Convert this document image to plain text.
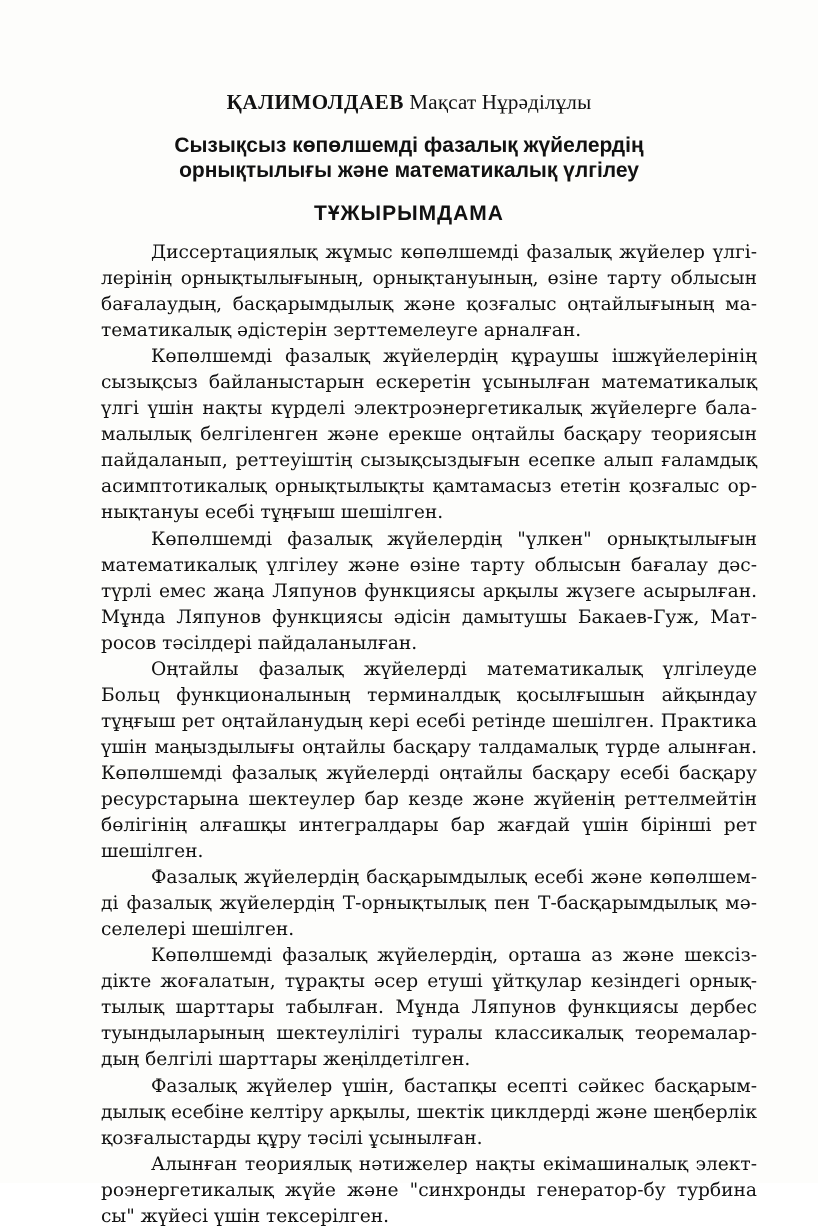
ҚАЛИМОЛДАЕВ Мақсат Нұрәділұлы
Сызықсыз көпөлшемді фазалық жүйелердің
орнықтылығы және математикалық үлгілеу
ТҰЖЫРЫМДАМА

Диссертациялық жұмыс көпөлшемді фазалық жүйелер үлгі-
лерінің орнықтылығының, орнықтануының, өзіне тарту облысын
бағалаудың, басқарымдылық және қозғалыс оңтайлығының ма-
тематикалық әдістерін зерттемелеуге арналған.

Көпөлшемді фазалық жүйелердің құраушы ішжүйелерінің
сызықсыз байланыстарын ескеретін ұсынылған математикалық
үлгі үшін нақты күрделі электроэнергетикалық жүйелерге бала-
малылық белгіленген және ерекше оңтайлы басқару теориясын
пайдаланып, реттеуіштің сызықсыздығын есепке алып ғаламдық
асимптотикалық орнықтылықты қамтамасыз ететін қозғалыс ор-
нықтануы есебі тұңғыш шешілген.

Көпөлшемді фазалық жүйелердің "үлкен" орнықтылығын
математикалық үлгілеу және өзіне тарту облысын бағалау дәс-
түрлі емес жаңа Ляпунов функциясы арқылы жүзеге асырылған.
Мұнда Ляпунов функциясы әдісін дамытушы Бакаев-Гуж, Мат-
росов тәсілдері пайдаланылған.

Оңтайлы фазалық жүйелерді математикалық үлгілеуде
Больц функционалының терминалдық қосылғышын айқындау
тұңғыш рет оңтайланудың кері есебі ретінде шешілген. Практика
үшін маңыздылығы оңтайлы басқару талдамалық түрде алынған.
Көпөлшемді фазалық жүйелерді оңтайлы басқару есебі басқару
ресурстарына шектеулер бар кезде және жүйенің реттелмейтін
бөлігінің алғашқы интегралдары бар жағдай үшін бірінші рет
шешілген.

Фазалық жүйелердің басқарымдылық есебі және көпөлшем-
ді фазалық жүйелердің Т-орнықтылық пен Т-басқарымдылық мә-
селелері шешілген.

Көпөлшемді фазалық жүйелердің, орташа аз және шексіз-
дікте жоғалатын, тұрақты әсер етуші ұйтқулар кезіндегі орнық-
тылық шарттары табылған. Мұнда Ляпунов функциясы дербес
туындыларының шектеулілігі туралы классикалық теоремалар-
дың белгілі шарттары жеңілдетілген.

Фазалық жүйелер үшін, бастапқы есепті сәйкес басқарым-
дылық есебіне келтіру арқылы, шектік циклдерді және шеңберлік
қозғалыстарды құру тәсілі ұсынылған.

Алынған теориялық нәтижелер нақты екімашиналық элект-
роэнергетикалық жүйе және "синхронды генератор-бу турбина
сы" жүйесі үшін тексерілген.
